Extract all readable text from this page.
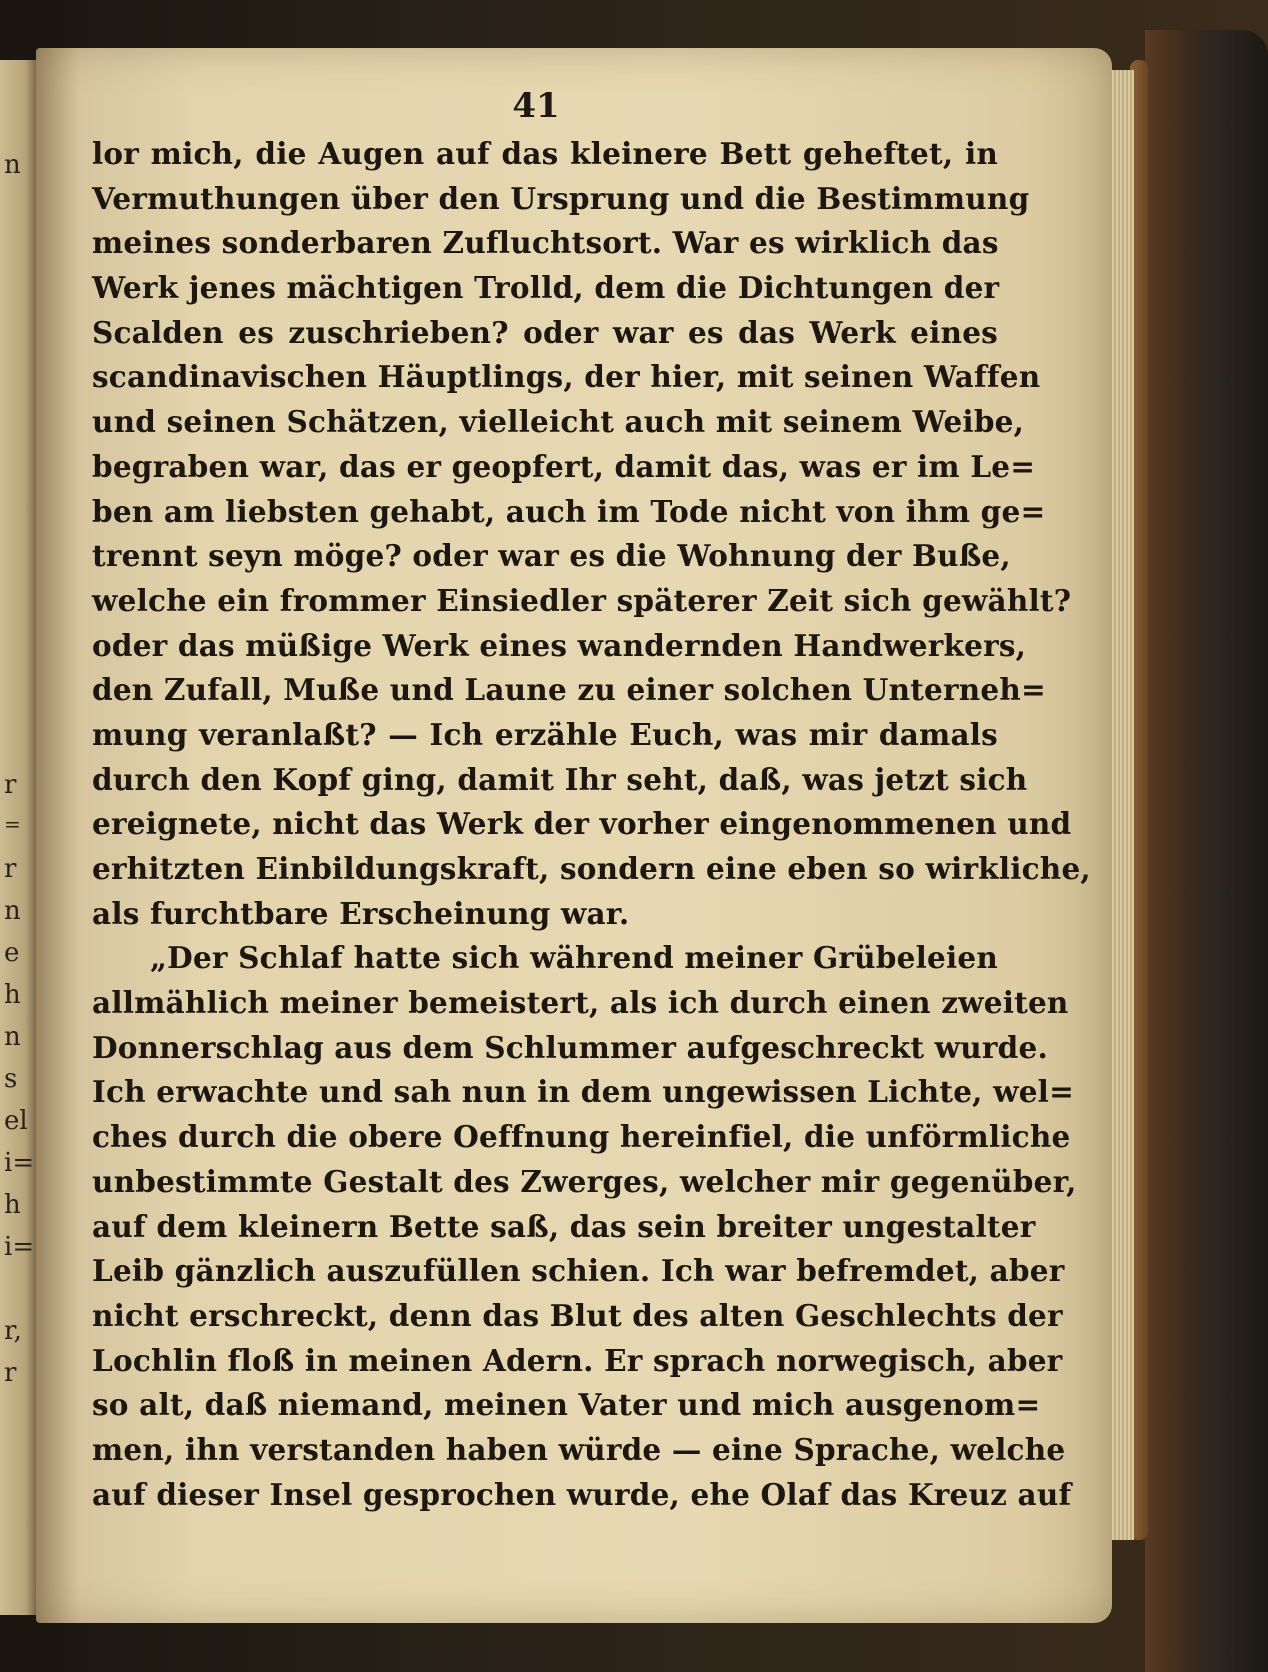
n
r
=
r
n
e
h
n
s
el
i=
h
i=
r,
r
41
lor mich, die Augen auf das kleinere Bett geheftet, in
Vermuthungen über den Ursprung und die Bestimmung
meines sonderbaren Zufluchtsort. War es wirklich das
Werk jenes mächtigen Trolld, dem die Dichtungen der
Scalden es zuschrieben? oder war es das Werk eines
scandinavischen Häuptlings, der hier, mit seinen Waffen
und seinen Schätzen, vielleicht auch mit seinem Weibe,
begraben war, das er geopfert, damit das, was er im Le=
ben am liebsten gehabt, auch im Tode nicht von ihm ge=
trennt seyn möge? oder war es die Wohnung der Buße,
welche ein frommer Einsiedler späterer Zeit sich gewählt?
oder das müßige Werk eines wandernden Handwerkers,
den Zufall, Muße und Laune zu einer solchen Unterneh=
mung veranlaßt? — Ich erzähle Euch, was mir damals
durch den Kopf ging, damit Ihr seht, daß, was jetzt sich
ereignete, nicht das Werk der vorher eingenommenen und
erhitzten Einbildungskraft, sondern eine eben so wirkliche,
als furchtbare Erscheinung war.
„Der Schlaf hatte sich während meiner Grübeleien
allmählich meiner bemeistert, als ich durch einen zweiten
Donnerschlag aus dem Schlummer aufgeschreckt wurde.
Ich erwachte und sah nun in dem ungewissen Lichte, wel=
ches durch die obere Oeffnung hereinfiel, die unförmliche
unbestimmte Gestalt des Zwerges, welcher mir gegenüber,
auf dem kleinern Bette saß, das sein breiter ungestalter
Leib gänzlich auszufüllen schien. Ich war befremdet, aber
nicht erschreckt, denn das Blut des alten Geschlechts der
Lochlin floß in meinen Adern. Er sprach norwegisch, aber
so alt, daß niemand, meinen Vater und mich ausgenom=
men, ihn verstanden haben würde — eine Sprache, welche
auf dieser Insel gesprochen wurde, ehe Olaf das Kreuz auf
